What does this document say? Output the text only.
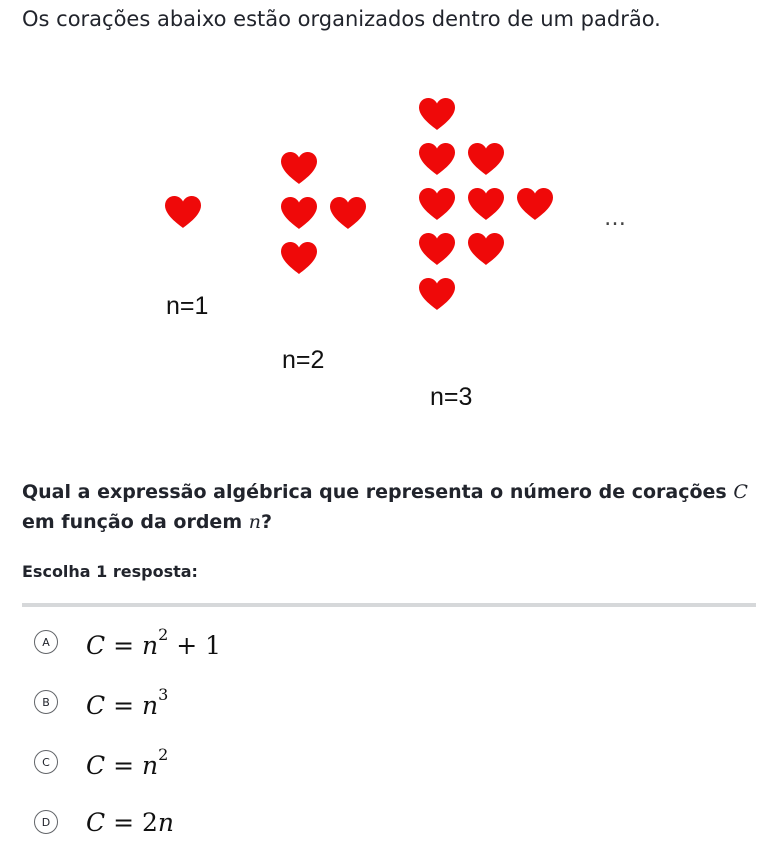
Os corações abaixo estão organizados dentro de um padrão.

…
n=1
n=2
n=3

Qual a expressão algébrica que representa o número de corações C em função da ordem n?

Escolha 1 resposta:

A	$C = n^2 + 1$
B	$C = n^3$
C	$C = n^2$
D	C = 2n
